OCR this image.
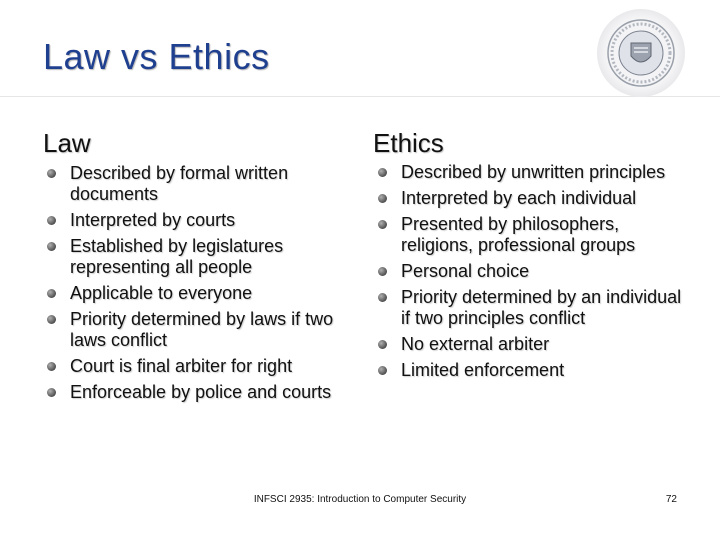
Law vs Ethics
Law
Described by formal written documents
Interpreted by courts
Established by legislatures representing all people
Applicable to everyone
Priority determined by laws if two laws conflict
Court is final arbiter for right
Enforceable by police and courts
Ethics
Described by unwritten principles
Interpreted by each individual
Presented by philosophers, religions, professional groups
Personal choice
Priority determined by an individual if two principles conflict
No external arbiter
Limited enforcement
INFSCI 2935: Introduction to Computer Security	72
